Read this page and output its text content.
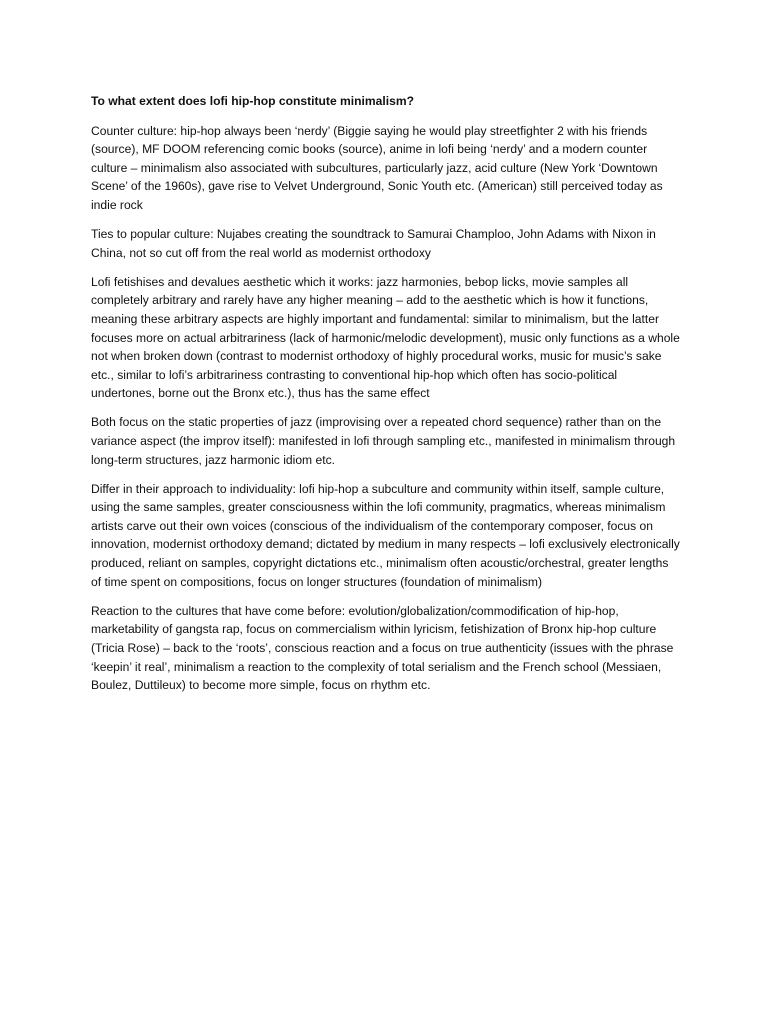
To what extent does lofi hip-hop constitute minimalism?

Counter culture: hip-hop always been ‘nerdy’ (Biggie saying he would play streetfighter 2 with his friends (source), MF DOOM referencing comic books (source), anime in lofi being ‘nerdy’ and a modern counter culture – minimalism also associated with subcultures, particularly jazz, acid culture (New York ‘Downtown Scene’ of the 1960s), gave rise to Velvet Underground, Sonic Youth etc. (American) still perceived today as indie rock

Ties to popular culture: Nujabes creating the soundtrack to Samurai Champloo, John Adams with Nixon in China, not so cut off from the real world as modernist orthodoxy

Lofi fetishises and devalues aesthetic which it works: jazz harmonies, bebop licks, movie samples all completely arbitrary and rarely have any higher meaning – add to the aesthetic which is how it functions, meaning these arbitrary aspects are highly important and fundamental: similar to minimalism, but the latter focuses more on actual arbitrariness (lack of harmonic/melodic development), music only functions as a whole not when broken down (contrast to modernist orthodoxy of highly procedural works, music for music’s sake etc., similar to lofi’s arbitrariness contrasting to conventional hip-hop which often has socio-political undertones, borne out the Bronx etc.), thus has the same effect

Both focus on the static properties of jazz (improvising over a repeated chord sequence) rather than on the variance aspect (the improv itself): manifested in lofi through sampling etc., manifested in minimalism through long-term structures, jazz harmonic idiom etc.

Differ in their approach to individuality: lofi hip-hop a subculture and community within itself, sample culture, using the same samples, greater consciousness within the lofi community, pragmatics, whereas minimalism artists carve out their own voices (conscious of the individualism of the contemporary composer, focus on innovation, modernist orthodoxy demand; dictated by medium in many respects – lofi exclusively electronically produced, reliant on samples, copyright dictations etc., minimalism often acoustic/orchestral, greater lengths of time spent on compositions, focus on longer structures (foundation of minimalism)

Reaction to the cultures that have come before: evolution/globalization/commodification of hip-hop, marketability of gangsta rap, focus on commercialism within lyricism, fetishization of Bronx hip-hop culture (Tricia Rose) – back to the ‘roots’, conscious reaction and a focus on true authenticity (issues with the phrase ‘keepin’ it real’, minimalism a reaction to the complexity of total serialism and the French school (Messiaen, Boulez, Duttileux) to become more simple, focus on rhythm etc.
